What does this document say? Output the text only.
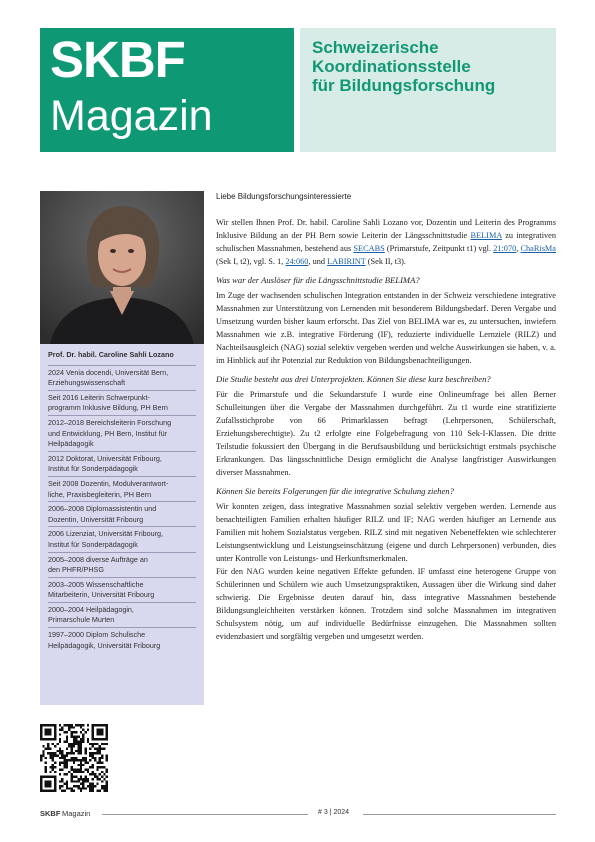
SKBF
Magazin

Schweizerische
Koordinationsstelle
für Bildungsforschung

Prof. Dr. habil. Caroline Sahli Lozano
2024 Venia docendi, Universität Bern,
Erziehungswissenschaft
Seit 2016 Leiterin Schwerpunkt-
programm Inklusive Bildung, PH Bern
2012–2018 Bereichsleiterin Forschung
und Entwicklung, PH Bern, Institut für
Heilpädagogik
2012 Doktorat, Universität Fribourg,
Institut für Sonderpädagogik
Seit 2008 Dozentin, Modulverantwort-
liche, Praxisbegleiterin, PH Bern
2006–2008 Diplomassistentin und
Dozentin, Universität Fribourg
2006 Lizenziat, Universität Fribourg,
Institut für Sonderpädagogik
2005–2008 diverse Aufträge an
den PHFR/PHSG
2003–2005 Wissenschaftliche
Mitarbeiterin, Universität Fribourg
2000–2004 Heilpädagogin,
Primarschule Murten
1997–2000 Diplom Schulische
Heilpädagogik, Universität Fribourg

Liebe Bildungsforschungsinteressierte

Wir stellen Ihnen Prof. Dr. habil. Caroline Sahli Lozano vor, Dozentin und Leiterin des Programms Inklusive Bildung an der PH Bern sowie Leiterin der Längsschnittstudie BELIMA zu integrativen schulischen Massnahmen, bestehend aus SECABS (Primarstufe, Zeitpunkt t1) vgl. 21:070, ChaRisMa (Sek I, t2), vgl. S. 1, 24:060, und LABIRINT (Sek II, t3).

Was war der Auslöser für die Längsschnittstudie BELIMA?

Im Zuge der wachsenden schulischen Integration entstanden in der Schweiz verschiedene integrative Massnahmen zur Unterstützung von Lernenden mit besonderem Bildungsbedarf. Deren Vergabe und Umsetzung wurden bisher kaum erforscht. Das Ziel von BELIMA war es, zu untersuchen, inwiefern Massnahmen wie z.B. integrative Förderung (IF), reduzierte individuelle Lernziele (RILZ) und Nachteilsausgleich (NAG) sozial selektiv vergeben werden und welche Auswirkungen sie haben, v. a. im Hinblick auf ihr Potenzial zur Reduktion von Bildungsbenachteiligungen.

Die Studie besteht aus drei Unterprojekten. Können Sie diese kurz beschreiben?

Für die Primarstufe und die Sekundarstufe I wurde eine Onlineumfrage bei allen Berner Schulleitungen über die Vergabe der Massnahmen durchgeführt. Zu t1 wurde eine stratifizierte Zufallsstichprobe von 66 Primarklassen befragt (Lehrpersonen, Schülerschaft, Erziehungsberechtigte). Zu t2 erfolgte eine Folgebefragung von 110 Sek-I-Klassen. Die dritte Teilstudie fokussiert den Übergang in die Berufsausbildung und berücksichtigt erstmals psychische Erkrankungen. Das längsschnittliche Design ermöglicht die Analyse langfristiger Auswirkungen diverser Massnahmen.

Können Sie bereits Folgerungen für die integrative Schulung ziehen?

Wir konnten zeigen, dass integrative Massnahmen sozial selektiv vergeben werden. Lernende aus benachteiligten Familien erhalten häufiger RILZ und IF; NAG werden häufiger an Lernende aus Familien mit hohem Sozialstatus vergeben. RILZ sind mit negativen Nebeneffekten wie schlechterer Leistungsentwicklung und Leistungseinschätzung (eigene und durch Lehrpersonen) verbunden, dies unter Kontrolle von Leistungs- und Herkunftsmerkmalen.

Für den NAG wurden keine negativen Effekte gefunden. IF umfasst eine heterogene Gruppe von Schülerinnen und Schülern wie auch Umsetzungspraktiken, Aussagen über die Wirkung sind daher schwierig. Die Ergebnisse deuten darauf hin, dass integrative Massnahmen bestehende Bildungsungleichheiten verstärken können. Trotzdem sind solche Massnahmen im integrativen Schulsystem nötig, um auf individuelle Bedürfnisse einzugehen. Die Massnahmen sollten evidenzbasiert und sorgfältig vergeben und umgesetzt werden.

SKBF Magazin	# 3 | 2024
